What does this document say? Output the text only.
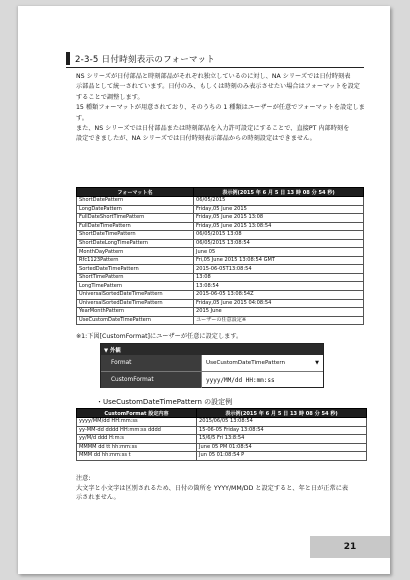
2-3-5 日付時刻表示のフォーマット

NS シリーズが日付部品と時刻部品がそれぞれ独立しているのに対し、NA シリーズでは日付時刻表

示部品として統一されています。日付のみ、もしくは時刻のみ表示させたい場合はフォーマットを設定

することで調整します。

15 種類フォーマットが用意されており、そのうちの 1 種類はユーザーが任意でフォーマットを設定しま

す。

また、NS シリーズでは日付部品または時刻部品を入力許可設定にすることで、直接PT 内部時刻を

設定できましたが、NA シリーズでは日付時刻表示部品からの時刻設定はできません。

フォーマット名	表示例(2015 年 6 月 5 日 13 時 08 分 54 秒)
ShortDatePattern	06/05/2015
LongDatePattern	Friday,05 June 2015
FullDateShortTimePattern	Friday,05 June 2015 13:08
FullDateTimePattern	Friday,05 June 2015 13:08:54
ShortDateTimePattern	06/05/2015 13:08
ShortDateLongTimePattern	06/05/2015 13:08:54
MonthDayPattern	June 05
Rfc1123Pattern	Fri,05 June 2015 13:08:54 GMT
SortedDateTimePattern	2015-06-05T13:08:54
ShortTimePattern	13:08
LongTimePattern	13:08:54
UniversalSortedDateTimePattern	2015-06-05 13:08:54Z
UniversalSortedDateTimePattern	Friday,05 June 2015 04:08:54
YearMonthPattern	2015 June
UseCustomDateTimePattern	ユーザーの任意設定※
※1:下図[CustomFormat]にユーザーが任意に設定します。
▼ 外観
Format	UseCustomDateTimePattern	▼
CustomFormat	yyyy/MM/dd HH:mm:ss
・UseCustomDateTimePattern の設定例
CustomFormat 設定内容	表示例(2015 年 6 月 5 日 13 時 08 分 54 秒)
yyyy/MM/dd HH:mm:ss	2015/06/05 13:08:54
yy-MM-dd dddd HH:mm:ss dddd	15-06-05 Friday 13:08:54
yy/M/d ddd H:m:s	15/6/5 Fri 13:8:54
MMMM dd tt hh:mm:ss	June 05 PM 01:08:54
MMM dd hh:mm:ss t	Jun 05 01:08:54 P
注意:
大文字と小文字は区別されるため、日付の箇所を YYYY/MM/DD と設定すると、年と日が正常に表
示されません。
21
